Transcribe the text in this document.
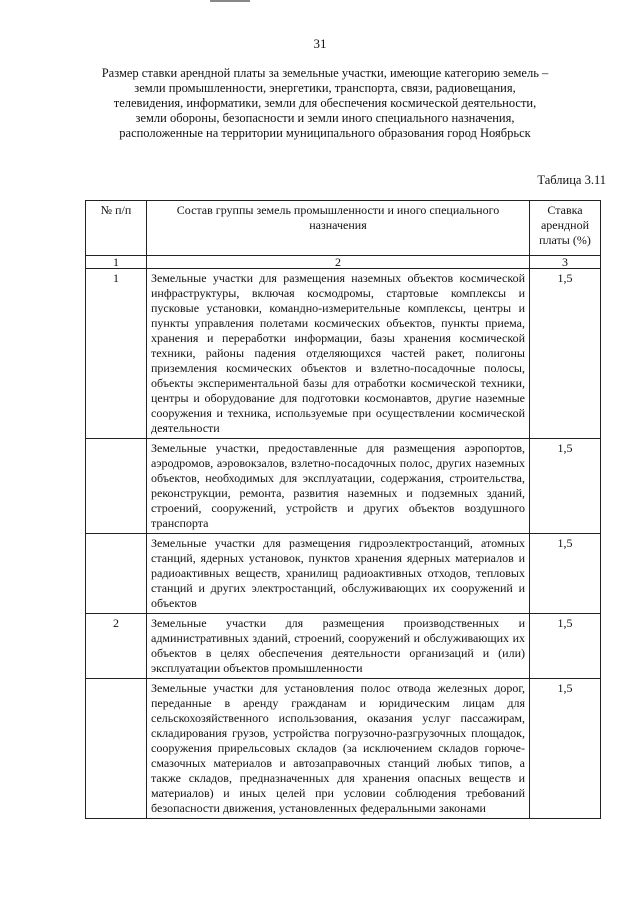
31
Размер ставки арендной платы за земельные участки, имеющие категорию земель – земли промышленности, энергетики, транспорта, связи, радиовещания, телевидения, информатики, земли для обеспечения космической деятельности, земли обороны, безопасности и земли иного специального назначения, расположенные на территории муниципального образования город Ноябрьск
Таблица 3.11
№ п/п	Состав группы земель промышленности и иного специального назначения	Ставка арендной платы (%)
1	2	3
1	Земельные участки для размещения наземных объектов космической инфраструктуры, включая космодромы, стартовые комплексы и пусковые установки, командно-измерительные комплексы, центры и пункты управления полетами космических объектов, пункты приема, хранения и переработки информации, базы хранения космической техники, районы падения отделяющихся частей ракет, полигоны приземления космических объектов и взлетно-посадочные полосы, объекты экспериментальной базы для отработки космической техники, центры и оборудование для подготовки космонавтов, другие наземные сооружения и техника, используемые при осуществлении космической деятельности	1,5
	Земельные участки, предоставленные для размещения аэропортов, аэродромов, аэровокзалов, взлетно-посадочных полос, других наземных объектов, необходимых для эксплуатации, содержания, строительства, реконструкции, ремонта, развития наземных и подземных зданий, строений, сооружений, устройств и других объектов воздушного транспорта	1,5
	Земельные участки для размещения гидроэлектростанций, атомных станций, ядерных установок, пунктов хранения ядерных материалов и радиоактивных веществ, хранилищ радиоактивных отходов, тепловых станций и других электростанций, обслуживающих их сооружений и объектов	1,5
2	Земельные участки для размещения производственных и административных зданий, строений, сооружений и обслуживающих их объектов в целях обеспечения деятельности организаций и (или) эксплуатации объектов промышленности	1,5
	Земельные участки для установления полос отвода железных дорог, переданные в аренду гражданам и юридическим лицам для сельскохозяйственного использования, оказания услуг пассажирам, складирования грузов, устройства погрузочно-разгрузочных площадок, сооружения прирельсовых складов (за исключением складов горюче-смазочных материалов и автозаправочных станций любых типов, а также складов, предназначенных для хранения опасных веществ и материалов) и иных целей при условии соблюдения требований безопасности движения, установленных федеральными законами	1,5
